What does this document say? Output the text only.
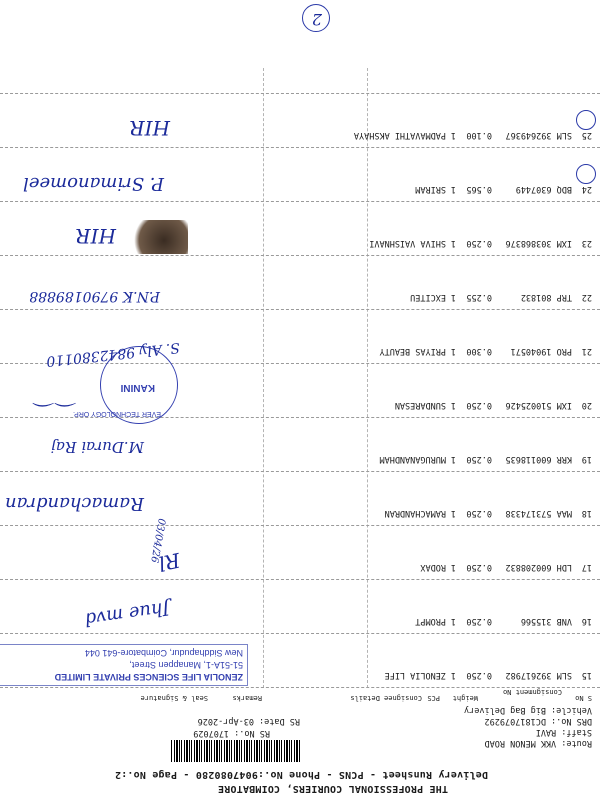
THE PROFESSIONAL COURIERS, COIMBATORE
Delivery Runsheet - PCNS - Phone No.:9047080280 - Page No.:2
RS No.: 1707029
RS Date: 03-Apr-2026
Route: VKK MENON ROAD
Staff: RAVI
DRS No.: DC1817079292
Vehicle: Big Bag Delivery
S No
Consignment No
Weight
PCS
Consignee Details
Remarks
Seal & Signature
15
SLM 392617982
0.250
1
ZENOLIA LIFE
16
VNB 315566
0.250
1
PROMPT
17
LDH 600208832
0.250
1
RODAX
18
MAA 573174338
0.250
1
RAMACHANDRAN
19
KRR 600118635
0.250
1
MURUGANANDHAM
20
IXM 510025426
0.250
1
SUNDARESAN
21
PRO 19040571
0.300
1
PRIYAS BEAUTY
22
TRP 801832
0.255
1
EXCITEU
23
IXM 303868376
0.250
1
SHIVA VAISHNAVI
24
BDQ 6307449
0.565
1
SRIRAM
25
SLM 392649367
0.100
1
PADMAVATHI AKSHAYA
ZENOLIA LIFE SCIENCES PRIVATE LIMITED
51-51A-1, Manappen Street,
New Siddhapudur, Coimbatore-641 044
Jhue mvd
Rl
03/04/26
Ramachandran
M.Durai Raj
EVER TECHNOLOGY ORP.
KANINI
⌒⌒
S. Aly 9842380110
P.N.K 9790189888
HIR
P. Srimanomeel
HIR
2
